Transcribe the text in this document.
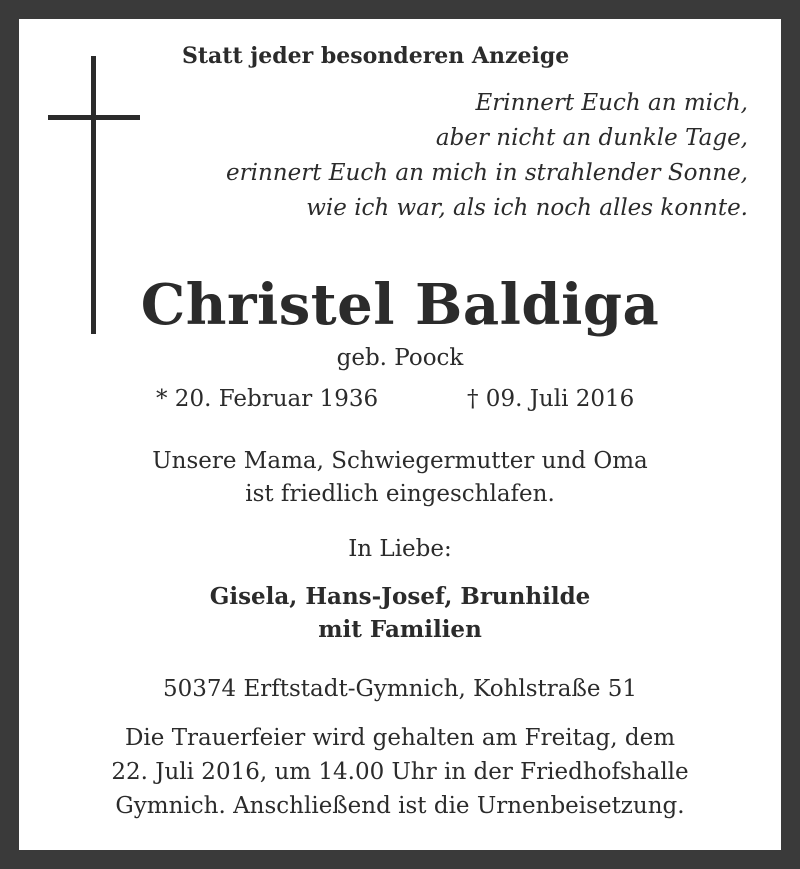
Statt jeder besonderen Anzeige
Erinnert Euch an mich,
aber nicht an dunkle Tage,
erinnert Euch an mich in strahlender Sonne,
wie ich war, als ich noch alles konnte.
Christel Baldiga
geb. Poock
* 20. Februar 1936	† 09. Juli 2016
Unsere Mama, Schwiegermutter und Oma
ist friedlich eingeschlafen.
In Liebe:
Gisela, Hans-Josef, Brunhilde
mit Familien
50374 Erftstadt-Gymnich, Kohlstraße 51
Die Trauerfeier wird gehalten am Freitag, dem
22. Juli 2016, um 14.00 Uhr in der Friedhofshalle
Gymnich. Anschließend ist die Urnenbeisetzung.
